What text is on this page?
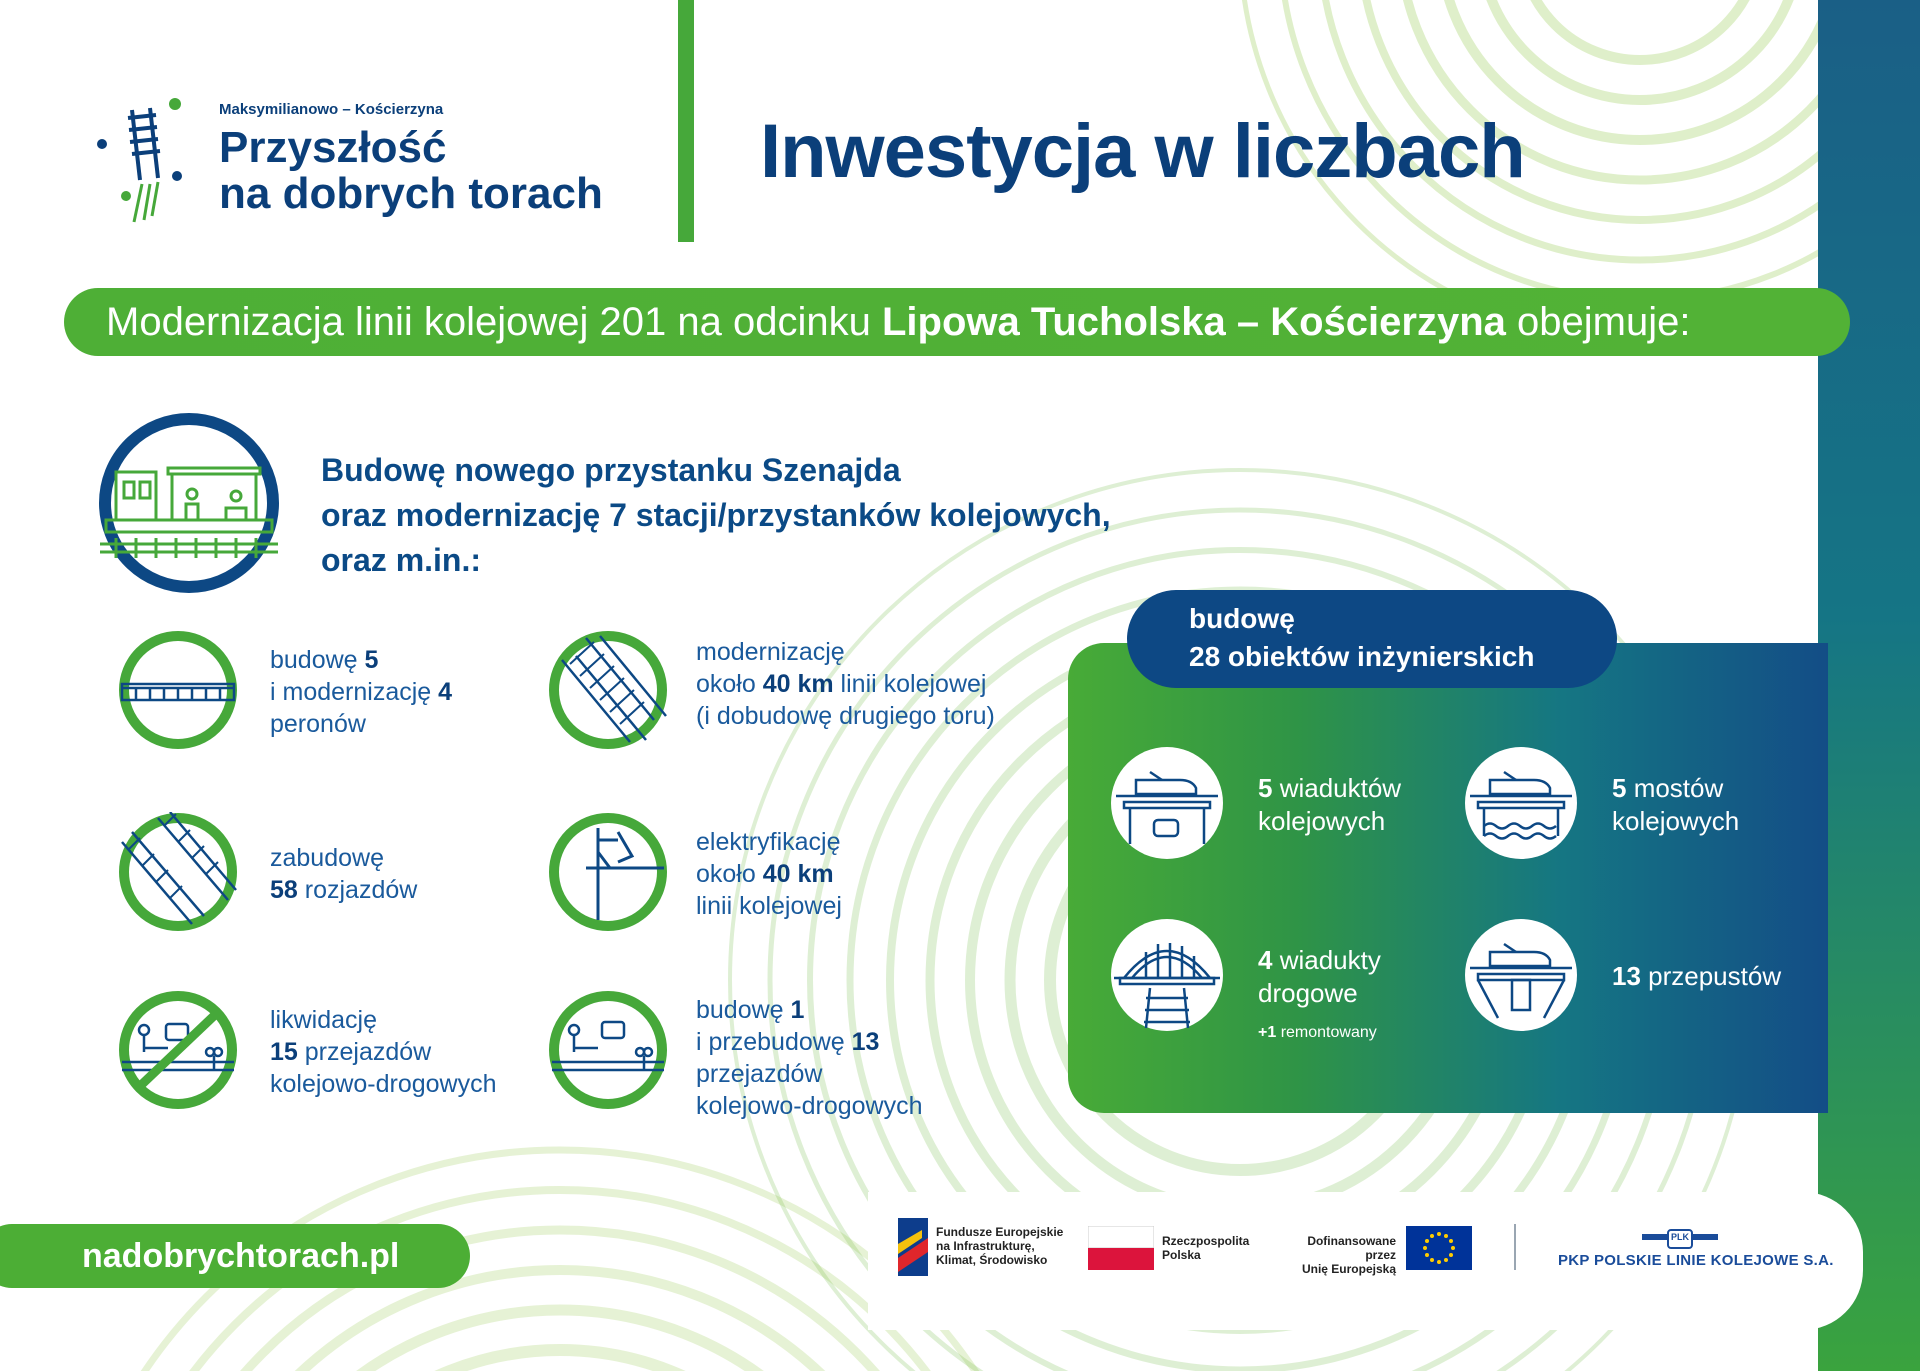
Maksymilianowo – Kościerzyna
Przyszłość
na dobrych torach	Inwestycja w liczbach
Modernizacja linii kolejowej 201 na odcinku Lipowa Tucholska – Kościerzyna obejmuje:
Budowę nowego przystanku Szenajda
oraz modernizację 7 stacji/przystanków kolejowych,
oraz m.in.:
budowę 5
i modernizację 4
peronów
modernizację
około 40 km linii kolejowej
(i dobudowę drugiego toru)
zabudowę
58 rozjazdów
elektryfikację
około 40 km
linii kolejowej
likwidację
15 przejazdów
kolejowo-drogowych
budowę 1
i przebudowę 13
przejazdów
kolejowo-drogowych
budowę
28 obiektów inżynierskich
5 wiaduktów
kolejowych
5 mostów
kolejowych
4 wiadukty
drogowe
+1 remontowany
13 przepustów
nadobrychtorach.pl
Fundusze Europejskie
na Infrastrukturę,
Klimat, Środowisko
Rzeczpospolita
Polska
Dofinansowane przez
Unię Europejską
PLK
PKP POLSKIE LINIE KOLEJOWE S.A.
